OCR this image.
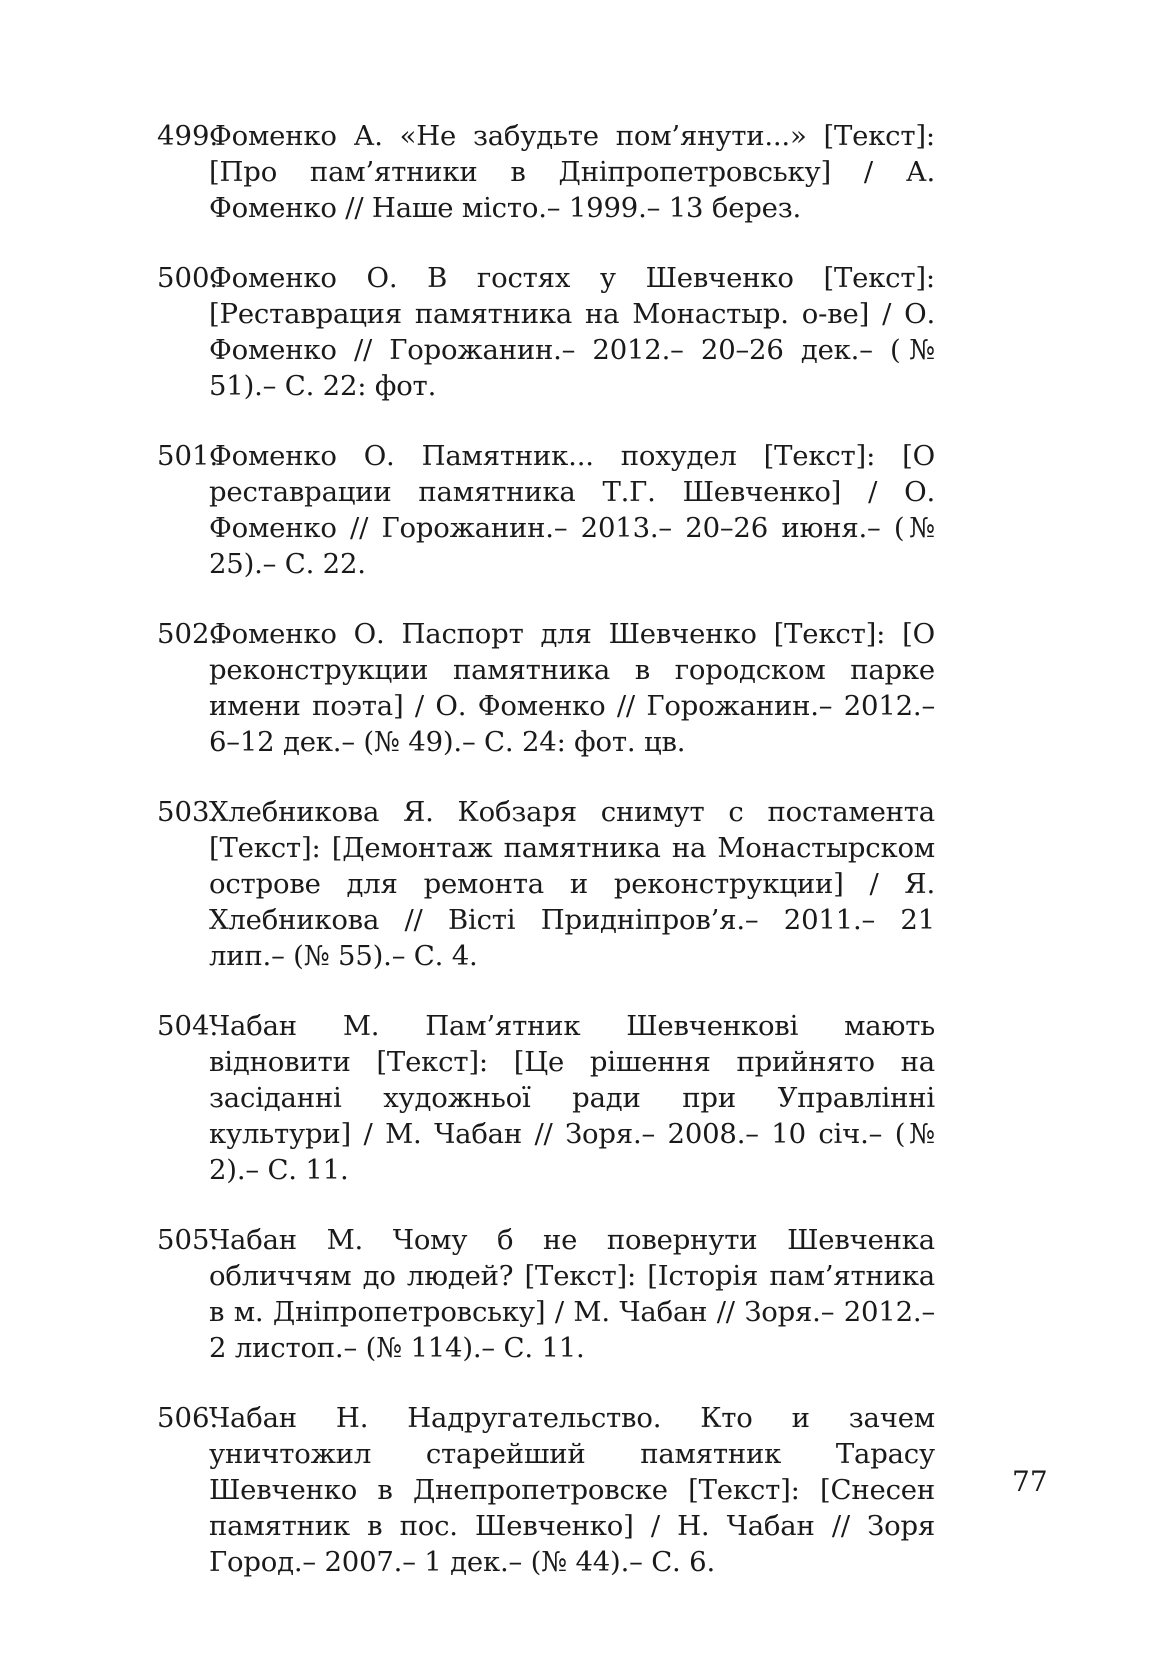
499.
Фоменко А. «Не забудьте пом’янути...» [Текст]: [Про пам’ятники в Дніпропетровську] / А. Фоменко // Наше місто.– 1999.– 13 берез.
500.
Фоменко О. В гостях у Шевченко [Текст]: [Реставрация памятника на Монастыр. о-ве] / О. Фоменко // Горожанин.– 2012.– 20–26 дек.– (№ 51).– С. 22: фот.
501.
Фоменко О. Памятник... похудел [Текст]: [О реставрации памятника Т.Г. Шевченко] / О. Фоменко // Горожанин.– 2013.– 20–26 июня.– (№ 25).– С. 22.
502.
Фоменко О. Паспорт для Шевченко [Текст]: [О реконструкции памятника в городском парке имени поэта] / О. Фоменко // Горожанин.– 2012.– 6–12 дек.– (№ 49).– С. 24: фот. цв.
503.
Хлебникова Я. Кобзаря снимут с постамента [Текст]: [Демонтаж памятника на Монастырском острове для ремонта и реконструкции] / Я. Хлебникова // Вісті Придніпров’я.– 2011.– 21 лип.– (№ 55).– С. 4.
504.
Чабан М. Пам’ятник Шевченкові мають відновити [Текст]: [Це рішення прийнято на засіданні художньої ради при Управлінні культури] / М. Чабан // Зоря.– 2008.– 10 січ.– (№ 2).– С. 11.
505.
Чабан М. Чому б не повернути Шевченка обличчям до людей? [Текст]: [Історія пам’ятника в м. Дніпропетровську] / М. Чабан // Зоря.– 2012.– 2 листоп.– (№ 114).– С. 11.
506.
Чабан Н. Надругательство. Кто и зачем уничтожил старейший памятник Тарасу Шевченко в Днепропетровске [Текст]: [Снесен памятник в пос. Шевченко] / Н. Чабан // Зоря Город.– 2007.– 1 дек.– (№ 44).– С. 6.
77
